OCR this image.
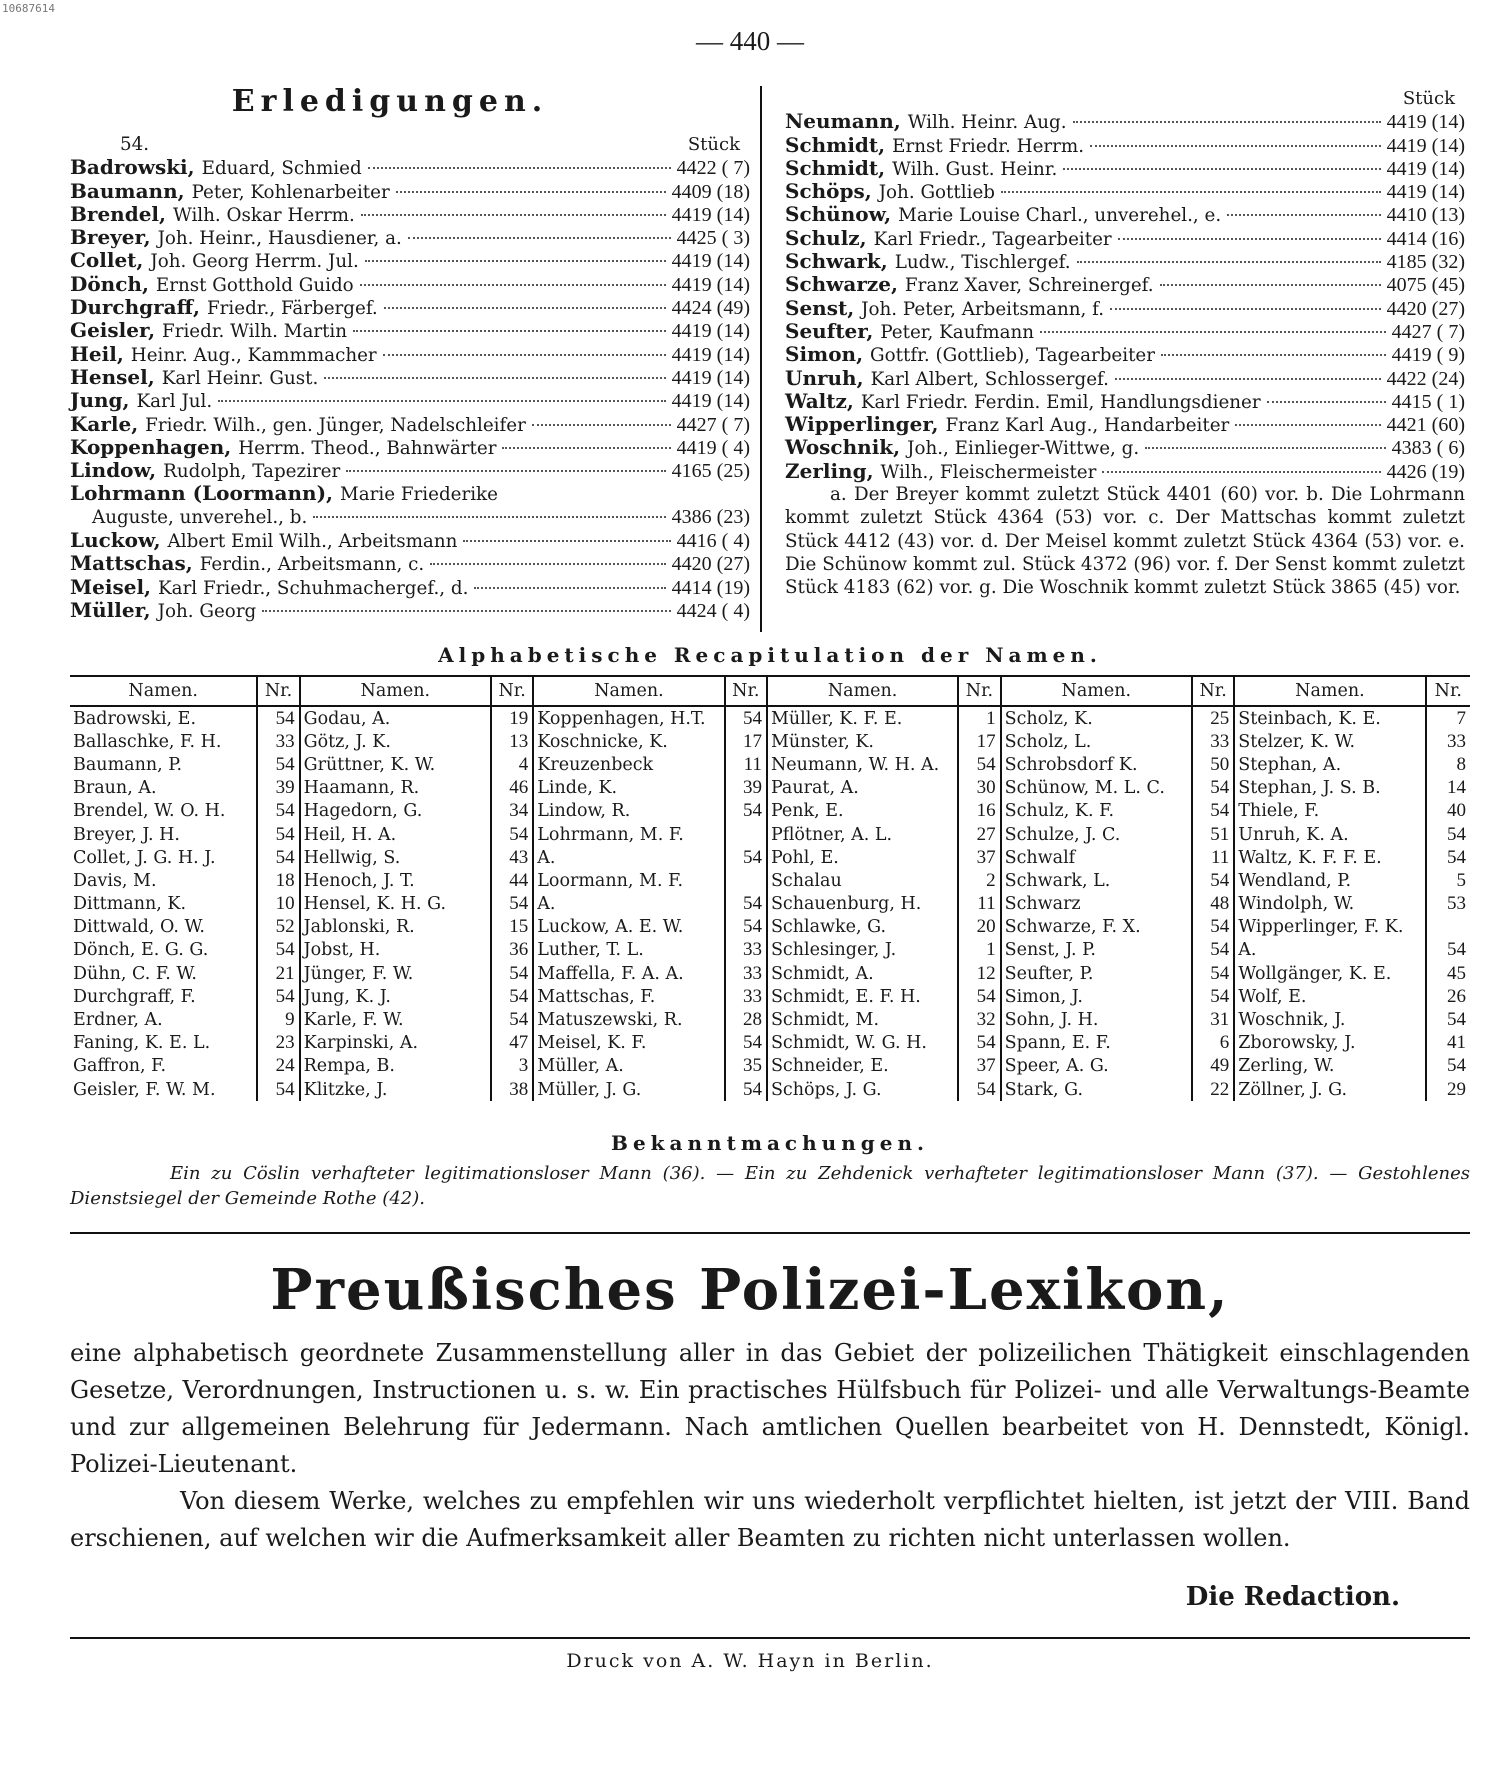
10687614
— 440 —
Erledigungen.
54.	Stück
Badrowski, Eduard, Schmied	4422 ( 7)
Baumann, Peter, Kohlenarbeiter	4409 (18)
Brendel, Wilh. Oskar Herrm.	4419 (14)
Breyer, Joh. Heinr., Hausdiener, a.	4425 ( 3)
Collet, Joh. Georg Herrm. Jul.	4419 (14)
Dönch, Ernst Gotthold Guido	4419 (14)
Durchgraff, Friedr., Färbergef.	4424 (49)
Geisler, Friedr. Wilh. Martin	4419 (14)
Heil, Heinr. Aug., Kammmacher	4419 (14)
Hensel, Karl Heinr. Gust.	4419 (14)
Jung, Karl Jul.	4419 (14)
Karle, Friedr. Wilh., gen. Jünger, Nadelschleifer	4427 ( 7)
Koppenhagen, Herrm. Theod., Bahnwärter	4419 ( 4)
Lindow, Rudolph, Tapezirer	4165 (25)
Lohrmann (Loormann), Marie Friederike
Auguste, unverehel., b.	4386 (23)
Luckow, Albert Emil Wilh., Arbeitsmann	4416 ( 4)
Mattschas, Ferdin., Arbeitsmann, c.	4420 (27)
Meisel, Karl Friedr., Schuhmachergef., d.	4414 (19)
Müller, Joh. Georg	4424 ( 4)
Stück
Neumann, Wilh. Heinr. Aug.	4419 (14)
Schmidt, Ernst Friedr. Herrm.	4419 (14)
Schmidt, Wilh. Gust. Heinr.	4419 (14)
Schöps, Joh. Gottlieb	4419 (14)
Schünow, Marie Louise Charl., unverehel., e.	4410 (13)
Schulz, Karl Friedr., Tagearbeiter	4414 (16)
Schwark, Ludw., Tischlergef.	4185 (32)
Schwarze, Franz Xaver, Schreinergef.	4075 (45)
Senst, Joh. Peter, Arbeitsmann, f.	4420 (27)
Seufter, Peter, Kaufmann	4427 ( 7)
Simon, Gottfr. (Gottlieb), Tagearbeiter	4419 ( 9)
Unruh, Karl Albert, Schlossergef.	4422 (24)
Waltz, Karl Friedr. Ferdin. Emil, Handlungsdiener	4415 ( 1)
Wipperlinger, Franz Karl Aug., Handarbeiter	4421 (60)
Woschnik, Joh., Einlieger-Wittwe, g.	4383 ( 6)
Zerling, Wilh., Fleischermeister	4426 (19)
a. Der Breyer kommt zuletzt Stück 4401 (60) vor. b. Die Lohrmann kommt zuletzt Stück 4364 (53) vor. c. Der Mattschas kommt zuletzt Stück 4412 (43) vor. d. Der Meisel kommt zuletzt Stück 4364 (53) vor. e. Die Schünow kommt zul. Stück 4372 (96) vor. f. Der Senst kommt zuletzt Stück 4183 (62) vor. g. Die Woschnik kommt zuletzt Stück 3865 (45) vor.
Alphabetische Recapitulation der Namen.
Namen.	Nr.	Namen.	Nr.	Namen.	Nr.	Namen.	Nr.	Namen.	Nr.	Namen.	Nr.
Badrowski, E.	54	Godau, A.	19	Koppenhagen, H.T.	54	Müller, K. F. E.	1	Scholz, K.	25	Steinbach, K. E.	7
Ballaschke, F. H.	33	Götz, J. K.	13	Koschnicke, K.	17	Münster, K.	17	Scholz, L.	33	Stelzer, K. W.	33
Baumann, P.	54	Grüttner, K. W.	4	Kreuzenbeck	11	Neumann, W. H. A.	54	Schrobsdorf K.	50	Stephan, A.	8
Braun, A.	39	Haamann, R.	46	Linde, K.	39	Paurat, A.	30	Schünow, M. L. C.	54	Stephan, J. S. B.	14
Brendel, W. O. H.	54	Hagedorn, G.	34	Lindow, R.	54	Penk, E.	16	Schulz, K. F.	54	Thiele, F.	40
Breyer, J. H.	54	Heil, H. A.	54	Lohrmann, M. F.		Pflötner, A. L.	27	Schulze, J. C.	51	Unruh, K. A.	54
Collet, J. G. H. J.	54	Hellwig, S.	43	A.	54	Pohl, E.	37	Schwalf	11	Waltz, K. F. F. E.	54
Davis, M.	18	Henoch, J. T.	44	Loormann, M. F.		Schalau	2	Schwark, L.	54	Wendland, P.	5
Dittmann, K.	10	Hensel, K. H. G.	54	A.	54	Schauenburg, H.	11	Schwarz	48	Windolph, W.	53
Dittwald, O. W.	52	Jablonski, R.	15	Luckow, A. E. W.	54	Schlawke, G.	20	Schwarze, F. X.	54	Wipperlinger, F. K.	
Dönch, E. G. G.	54	Jobst, H.	36	Luther, T. L.	33	Schlesinger, J.	1	Senst, J. P.	54	A.	54
Dühn, C. F. W.	21	Jünger, F. W.	54	Maffella, F. A. A.	33	Schmidt, A.	12	Seufter, P.	54	Wollgänger, K. E.	45
Durchgraff, F.	54	Jung, K. J.	54	Mattschas, F.	33	Schmidt, E. F. H.	54	Simon, J.	54	Wolf, E.	26
Erdner, A.	9	Karle, F. W.	54	Matuszewski, R.	28	Schmidt, M.	32	Sohn, J. H.	31	Woschnik, J.	54
Faning, K. E. L.	23	Karpinski, A.	47	Meisel, K. F.	54	Schmidt, W. G. H.	54	Spann, E. F.	6	Zborowsky, J.	41
Gaffron, F.	24	Rempa, B.	3	Müller, A.	35	Schneider, E.	37	Speer, A. G.	49	Zerling, W.	54
Geisler, F. W. M.	54	Klitzke, J.	38	Müller, J. G.	54	Schöps, J. G.	54	Stark, G.	22	Zöllner, J. G.	29
Bekanntmachungen.
Ein zu Cöslin verhafteter legitimationsloser Mann (36). — Ein zu Zehdenick verhafteter legitimationsloser Mann (37). — Gestohlenes Dienstsiegel der Gemeinde Rothe (42).
Preußisches Polizei-Lexikon,

eine alphabetisch geordnete Zusammenstellung aller in das Gebiet der polizeilichen Thätigkeit einschlagenden Gesetze, Verordnungen, Instructionen u. s. w. Ein practisches Hülfsbuch für Polizei- und alle Verwaltungs-Beamte und zur allgemeinen Belehrung für Jedermann. Nach amtlichen Quellen bearbeitet von H. Dennstedt, Königl. Polizei-Lieutenant.

Von diesem Werke, welches zu empfehlen wir uns wiederholt verpflichtet hielten, ist jetzt der VIII. Band erschienen, auf welchen wir die Aufmerksamkeit aller Beamten zu richten nicht unterlassen wollen.

Die Redaction.
Druck von A. W. Hayn in Berlin.
